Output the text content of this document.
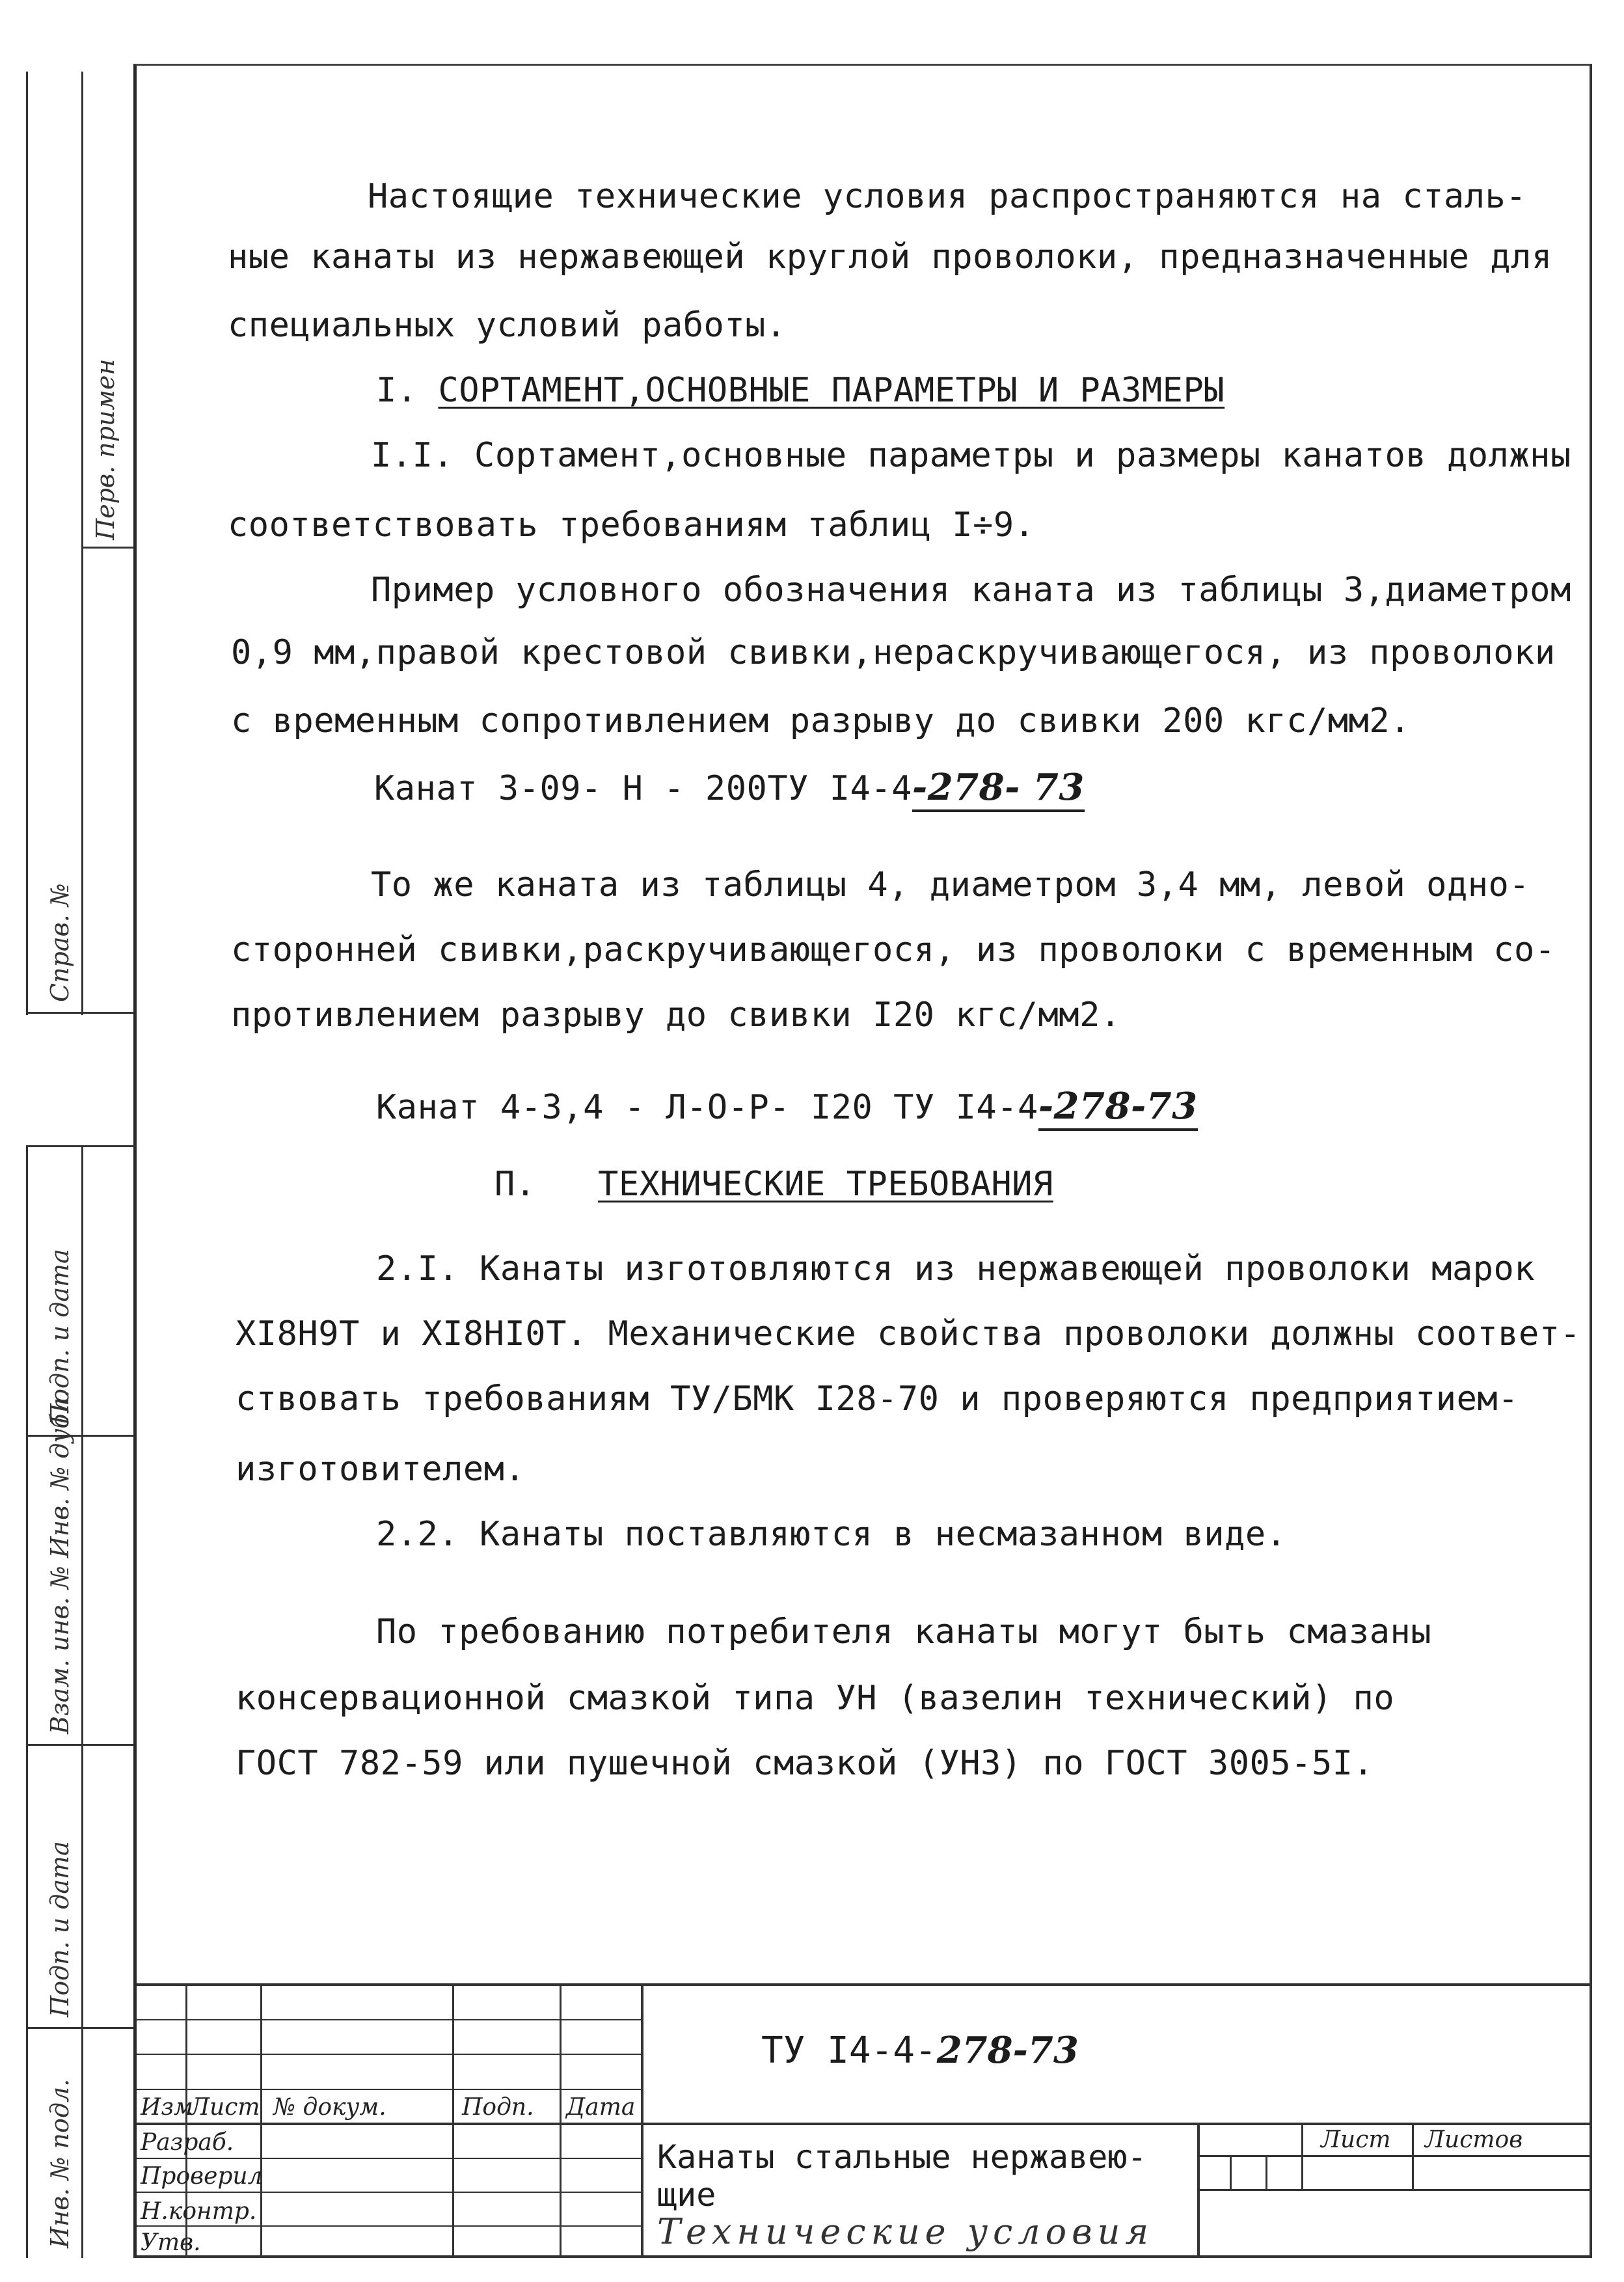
Перв. примен
Справ. №
Подп. и дата
Взам. инв. № Инв. № дубл.
Подп. и дата
Инв. № подл.
Настоящие технические условия распространяются на сталь-
ные канаты из нержавеющей круглой проволоки, предназначенные для
специальных условий работы.
I. СОРТАМЕНТ,ОСНОВНЫЕ ПАРАМЕТРЫ И РАЗМЕРЫ
I.I. Сортамент,основные параметры и размеры канатов должны
соответствовать требованиям таблиц I÷9.
Пример условного обозначения каната из таблицы 3,диаметром
0,9 мм,правой крестовой свивки,нераскручивающегося, из проволоки
с временным сопротивлением разрыву до свивки 200 кгс/мм2.
Канат 3-09- Н - 200ТУ I4-4-278- 73
То же каната из таблицы 4, диаметром 3,4 мм, левой одно-
сторонней свивки,раскручивающегося, из проволоки с временным со-
противлением разрыву до свивки I20 кгс/мм2.
Канат 4-3,4 - Л-О-Р- I20 ТУ I4-4-278-73
П. ТЕХНИЧЕСКИЕ ТРЕБОВАНИЯ
2.I. Канаты изготовляются из нержавеющей проволоки марок
XI8H9T и XI8HI0T. Механические свойства проволоки должны соответ-
ствовать требованиям ТУ/БМК I28-70 и проверяются предприятием-
изготовителем.
2.2. Канаты поставляются в несмазанном виде.
По требованию потребителя канаты могут быть смазаны
консервационной смазкой типа УН (вазелин технический) по
ГОСТ 782-59 или пушечной смазкой (УНЗ) по ГОСТ 3005-5I.
Изм
Лист № докум.	Подп. Дата
Разраб.
Проверил
Н.контр.
Утв.
ТУ I4-4-278-73
Лист Листов
Канаты стальные нержавею-
щие
Технические условия
